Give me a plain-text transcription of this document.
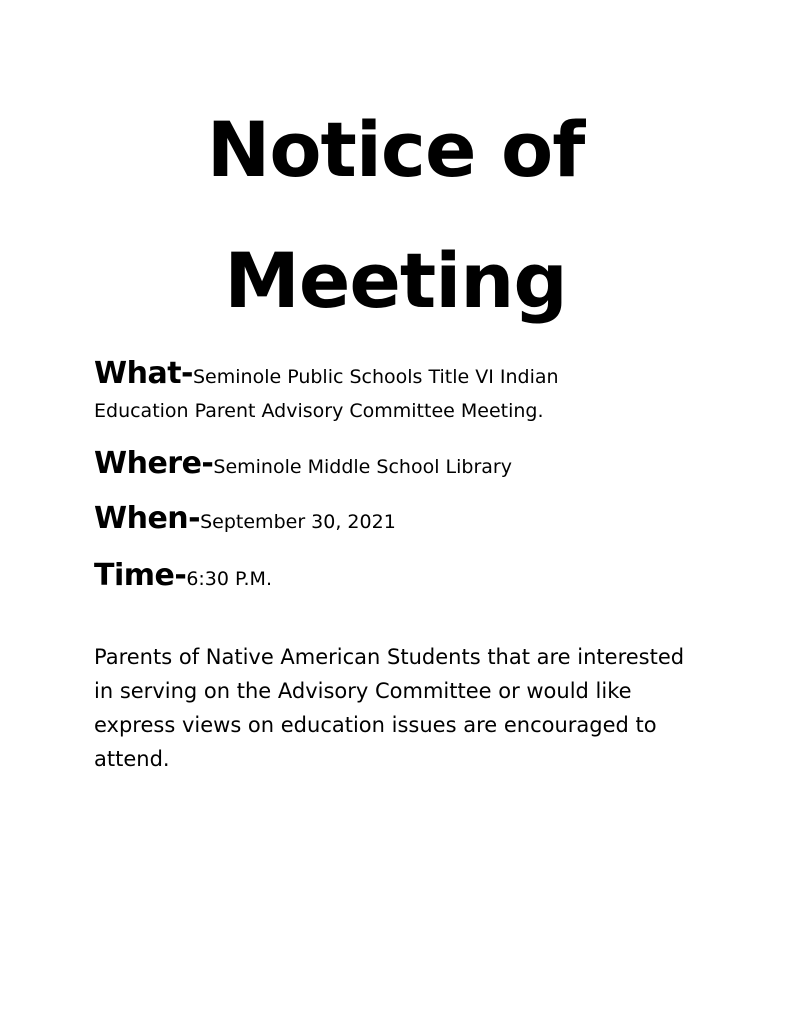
Notice of
Meeting

What-Seminole Public Schools Title VI Indian

Education Parent Advisory Committee Meeting.

Where-Seminole Middle School Library

When-September 30, 2021

Time-6:30 P.M.

Parents of Native American Students that are interested
in serving on the Advisory Committee or would like
express views on education issues are encouraged to
attend.
